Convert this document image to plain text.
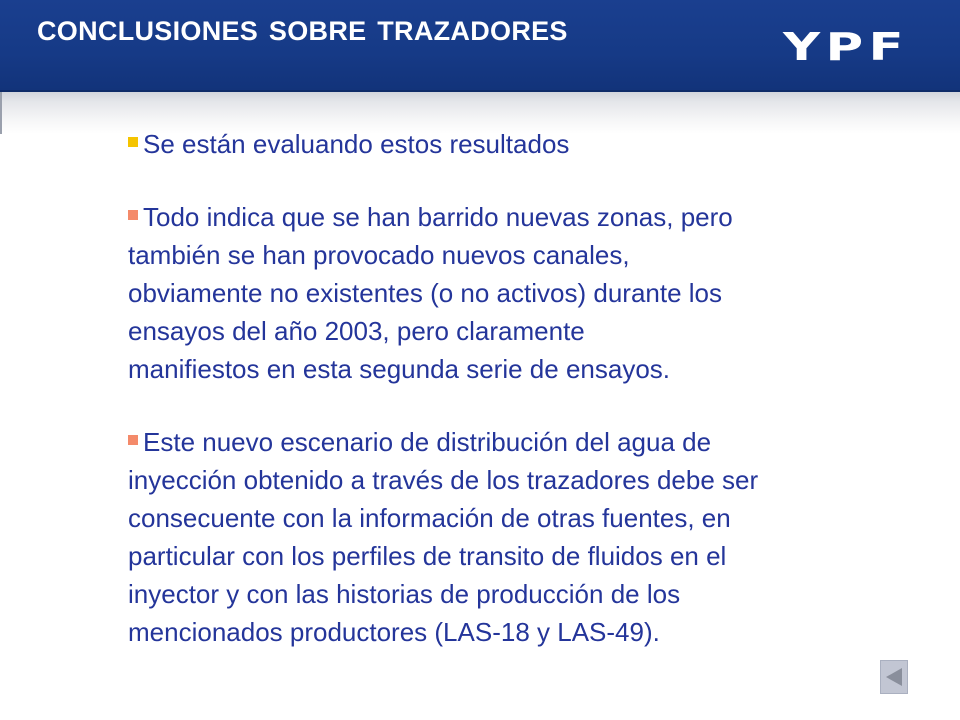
CONCLUSIONES SOBRE TRAZADORES	YPF

Se están evaluando estos resultados

Todo indica que se han barrido nuevas zonas, pero
también se han provocado nuevos canales,
obviamente no existentes (o no activos) durante los
ensayos del año 2003, pero claramente
manifiestos en esta segunda serie de ensayos.

Este nuevo escenario de distribución del agua de
inyección obtenido a través de los trazadores debe ser
consecuente con la información de otras fuentes, en
particular con los perfiles de transito de fluidos en el
inyector y con las historias de producción de los
mencionados productores (LAS-18 y LAS-49).
